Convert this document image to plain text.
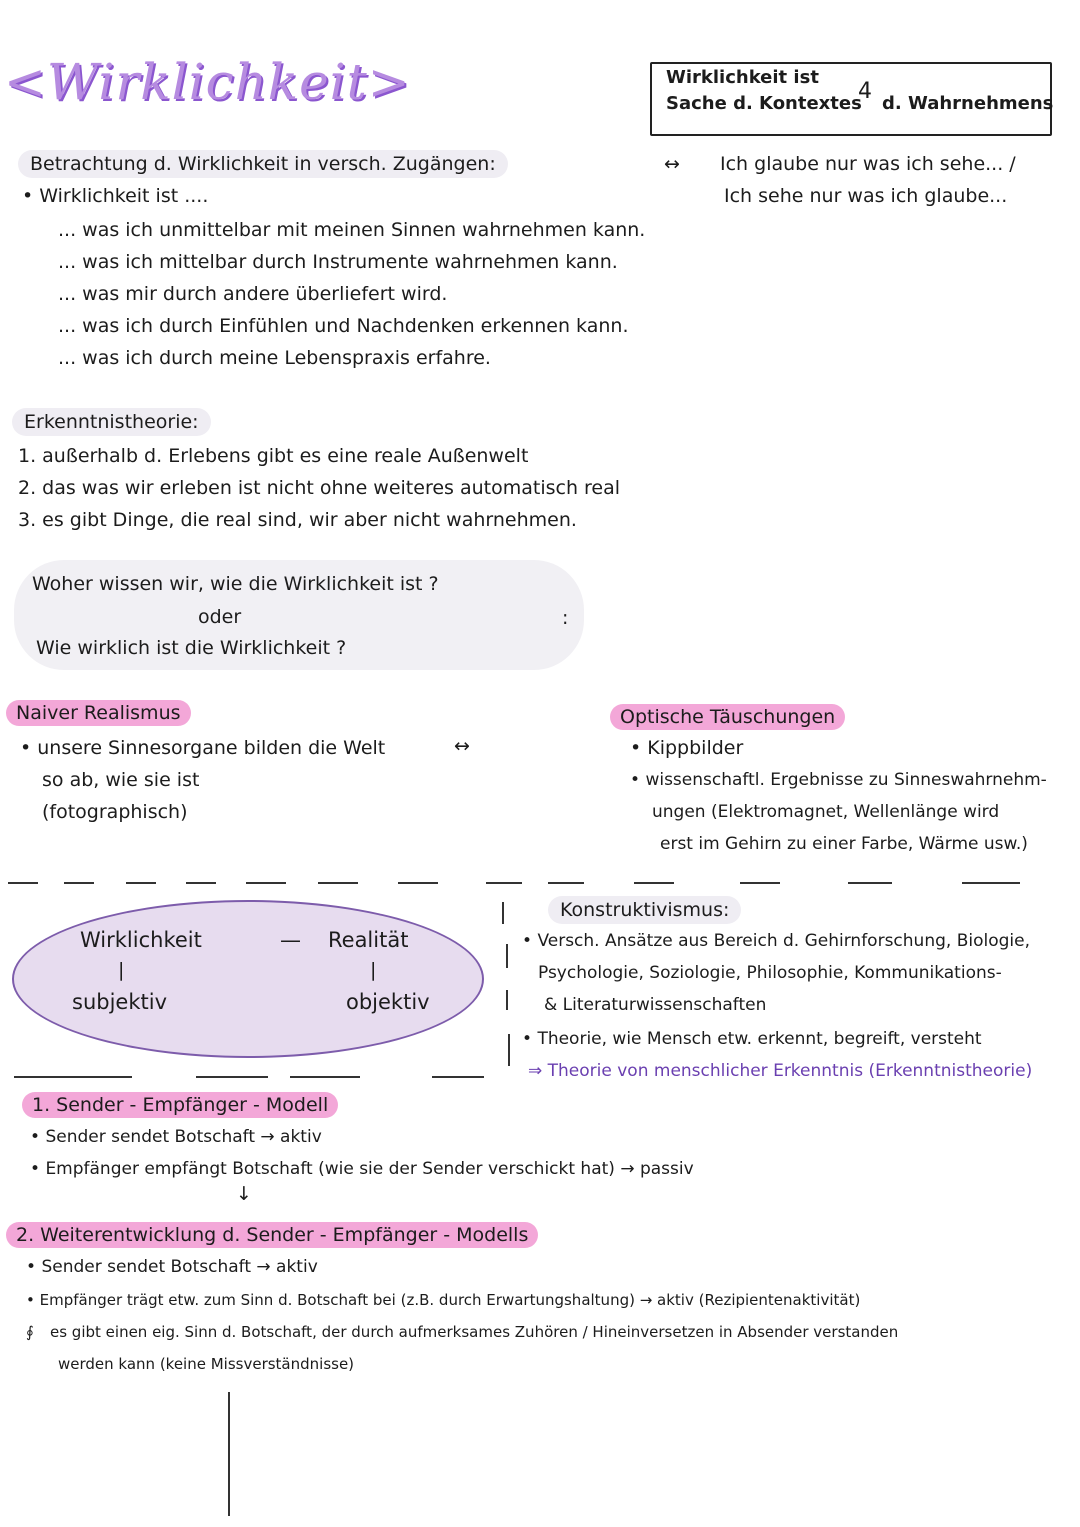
<Wirklichkeit>	Wirklichkeit ist
Sache d. Kontextes
4 d. Wahrnehmens
↔ Ich glaube nur was ich sehe... /
Ich sehe nur was ich glaube...
Betrachtung d. Wirklichkeit in versch. Zugängen:
• Wirklichkeit ist ....
... was ich unmittelbar mit meinen Sinnen wahrnehmen kann.
... was ich mittelbar durch Instrumente wahrnehmen kann.
... was mir durch andere überliefert wird.
... was ich durch Einfühlen und Nachdenken erkennen kann.
... was ich durch meine Lebenspraxis erfahre.
Erkenntnistheorie:
1. außerhalb d. Erlebens gibt es eine reale Außenwelt
2. das was wir erleben ist nicht ohne weiteres automatisch real
3. es gibt Dinge, die real sind, wir aber nicht wahrnehmen.
Woher wissen wir, wie die Wirklichkeit ist ?
oder
Wie wirklich ist die Wirklichkeit ?
:
Naiver Realismus
• unsere Sinnesorgane bilden die Welt
so ab, wie sie ist
(fotographisch)
↔
Optische Täuschungen
• Kippbilder
• wissenschaftl. Ergebnisse zu Sinneswahrnehm-
ungen (Elektromagnet, Wellenlänge wird
erst im Gehirn zu einer Farbe, Wärme usw.)
Wirklichkeit	— Realität
|	|
subjektiv	objektiv
Konstruktivismus:
• Versch. Ansätze aus Bereich d. Gehirnforschung, Biologie,
Psychologie, Soziologie, Philosophie, Kommunikations-
& Literaturwissenschaften
• Theorie, wie Mensch etw. erkennt, begreift, versteht
⇒ Theorie von menschlicher Erkenntnis (Erkenntnistheorie)
1. Sender - Empfänger - Modell
• Sender sendet Botschaft → aktiv
• Empfänger empfängt Botschaft (wie sie der Sender verschickt hat) → passiv
↓
2. Weiterentwicklung d. Sender - Empfänger - Modells
• Sender sendet Botschaft → aktiv
• Empfänger trägt etw. zum Sinn d. Botschaft bei (z.B. durch Erwartungshaltung) → aktiv (Rezipientenaktivität)
∮ es gibt einen eig. Sinn d. Botschaft, der durch aufmerksames Zuhören / Hineinversetzen in Absender verstanden
werden kann (keine Missverständnisse)
